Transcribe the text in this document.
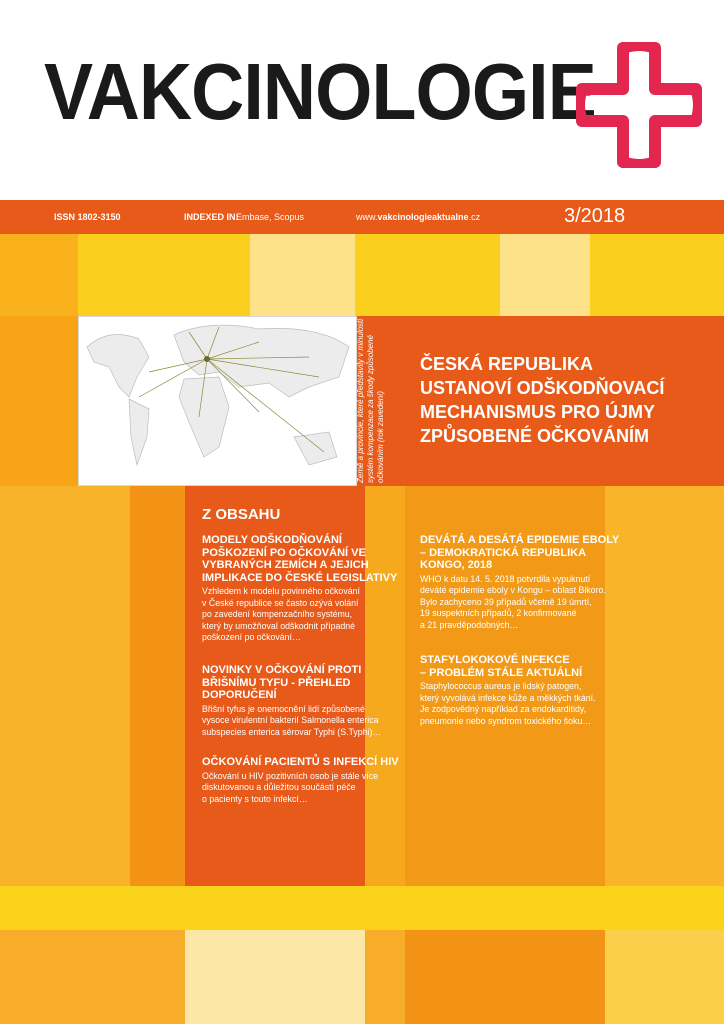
VAKCINOLOGIE
ISSN 1802-3150	INDEXED IN:
Embase, Scopus	www.vakcinologieaktualne.cz	3/2018
Země a provincie, které představily v minulosti systém kompenzace za škody způsobené očkováním (rok zavedení)
ČESKÁ REPUBLIKA
USTANOVÍ ODŠKODŇOVACÍ
MECHANISMUS PRO ÚJMY
ZPŮSOBENÉ OČKOVÁNÍM
Z OBSAHU
MODELY ODŠKODŇOVÁNÍ
POŠKOZENÍ PO OČKOVÁNÍ VE
VYBRANÝCH ZEMÍCH A JEJICH
IMPLIKACE DO ČESKÉ LEGISLATIVY
Vzhledem k modelu povinného očkování
v České republice se často ozývá volání
po zavedení kompenzačního systému,
který by umožňoval odškodnit případné
poškození po očkování…
NOVINKY V OČKOVÁNÍ PROTI
BŘIŠNÍMU TYFU - PŘEHLED
DOPORUČENÍ
Břišní tyfus je onemocnění lidí způsobené
vysoce virulentní bakterií Salmonella enterica
subspecies enterica sérovar Typhi (S.Typhi)…
OČKOVÁNÍ PACIENTŮ S INFEKCÍ HIV
Očkování u HIV pozitivních osob je stále více
diskutovanou a důležitou součástí péče
o pacienty s touto infekcí…
DEVÁTÁ A DESÁTÁ EPIDEMIE EBOLY
– DEMOKRATICKÁ REPUBLIKA
KONGO, 2018
WHO k datu 14. 5. 2018 potvrdila vypuknutí
deváté epidemie eboly v Kongu – oblast Bikoro.
Bylo zachyceno 39 případů včetně 19 úmrtí,
19 suspektních případů, 2 konfirmované
a 21 pravděpodobných…
STAFYLOKOKOVÉ INFEKCE
– PROBLÉM STÁLE AKTUÁLNÍ
Staphylococcus aureus je lidský patogen,
který vyvolává infekce kůže a měkkých tkání.
Je zodpovědný například za endokarditidy,
pneumonie nebo syndrom toxického šoku…
